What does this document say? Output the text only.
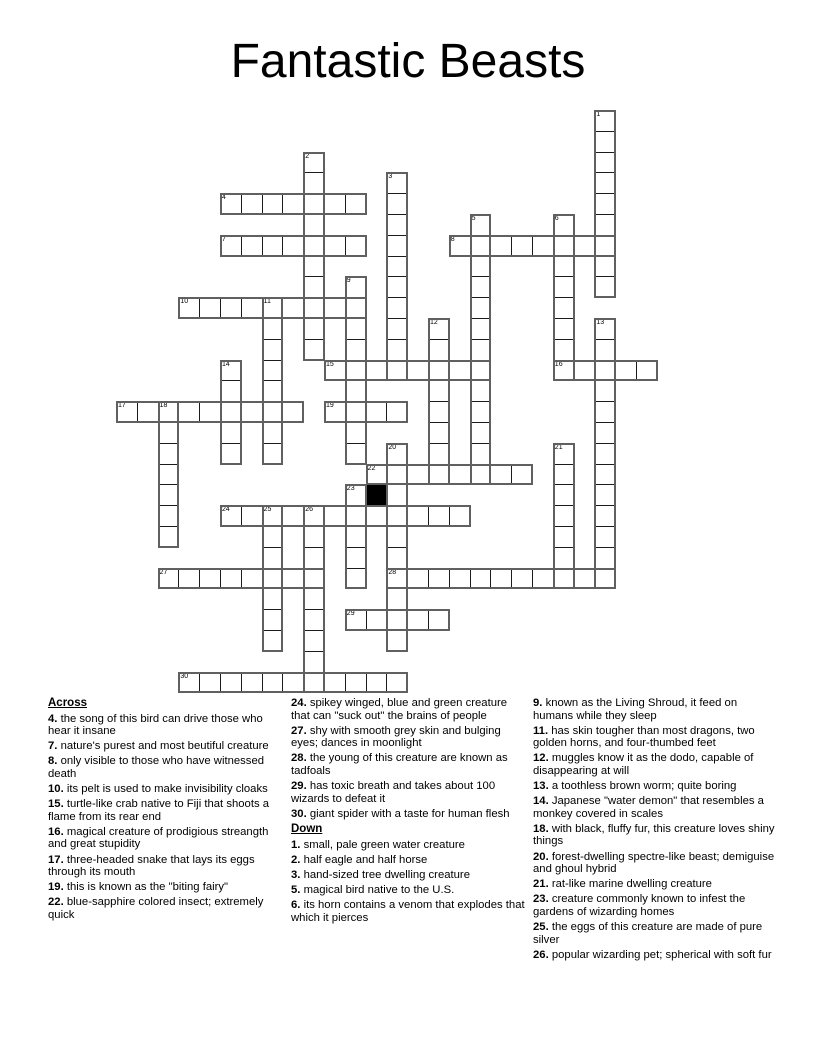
Fantastic Beasts
4
7	8
10	11
15	16
17	18	19
22
24	25	26
27	28
29
30
1
2
3
5	6
9
12	13
14
20	21
23
Across
4. the song of this bird can drive those who hear it insane
7. nature's purest and most beutiful creature
8. only visible to those who have witnessed death
10. its pelt is used to make invisibility cloaks
15. turtle-like crab native to Fiji that shoots a flame from its rear end
16. magical creature of prodigious streangth and great stupidity
17. three-headed snake that lays its eggs through its mouth
19. this is known as the "biting fairy"
22. blue-sapphire colored insect; extremely quick
24. spikey winged, blue and green creature that can "suck out" the brains of people
27. shy with smooth grey skin and bulging eyes; dances in moonlight
28. the young of this creature are known as tadfoals
29. has toxic breath and takes about 100 wizards to defeat it
30. giant spider with a taste for human flesh
Down
1. small, pale green water creature
2. half eagle and half horse
3. hand-sized tree dwelling creature
5. magical bird native to the U.S.
6. its horn contains a venom that explodes that which it pierces
9. known as the Living Shroud, it feed on humans while they sleep
11. has skin tougher than most dragons, two golden horns, and four-thumbed feet
12. muggles know it as the dodo, capable of disappearing at will
13. a toothless brown worm; quite boring
14. Japanese "water demon" that resembles a monkey covered in scales
18. with black, fluffy fur, this creature loves shiny things
20. forest-dwelling spectre-like beast; demiguise and ghoul hybrid
21. rat-like marine dwelling creature
23. creature commonly known to infest the gardens of wizarding homes
25. the eggs of this creature are made of pure silver
26. popular wizarding pet; spherical with soft fur
